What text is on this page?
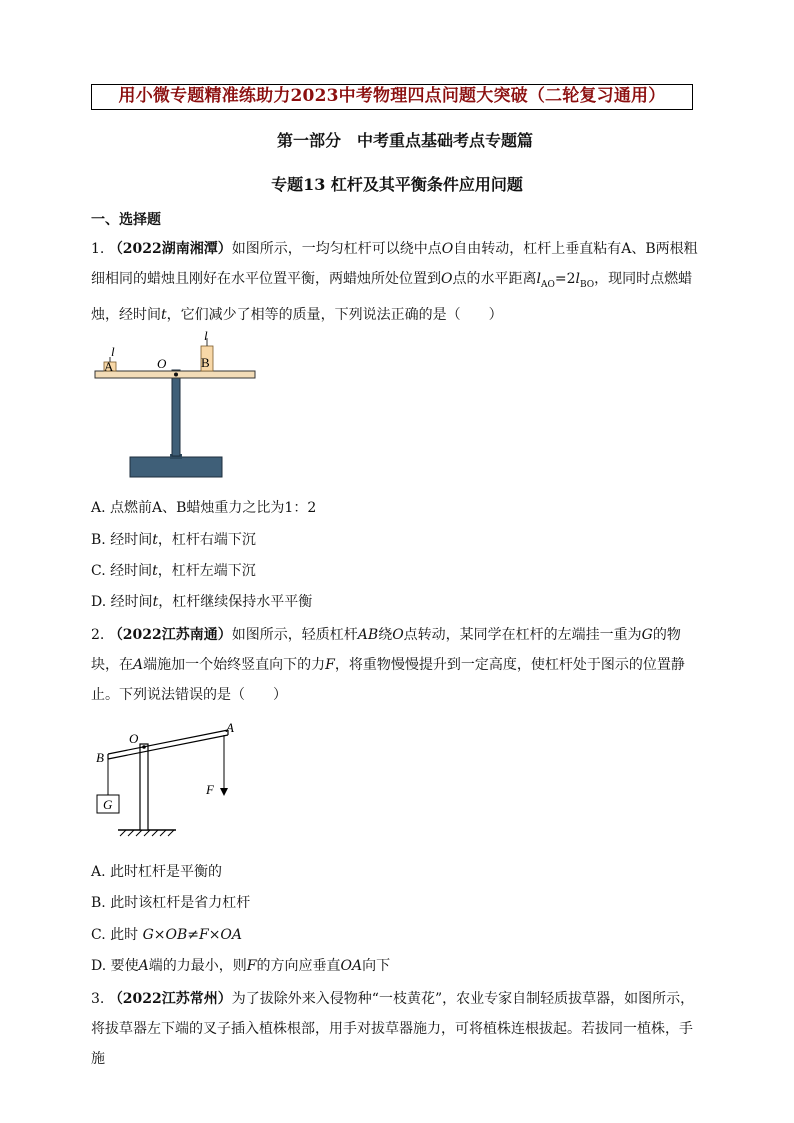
用小微专题精准练助力2023中考物理四点问题大突破（二轮复习通用）
第一部分　中考重点基础考点专题篇
专题13 杠杆及其平衡条件应用问题
一、选择题
1. （2022湖南湘潭）如图所示，一均匀杠杆可以绕中点O自由转动，杠杆上垂直粘有A、B两根粗细相同的蜡烛且刚好在水平位置平衡，两蜡烛所处位置到O点的水平距离$l_{AO}=2l_{BO}$，现同时点燃蜡烛，经时间t，它们减少了相等的质量，下列说法正确的是（　　）
A	B
O
l
l
A. 点燃前A、B蜡烛重力之比为1：2
B. 经时间t，杠杆右端下沉
C. 经时间t，杠杆左端下沉
D. 经时间t，杠杆继续保持水平平衡
2. （2022江苏南通）如图所示，轻质杠杆AB绕O点转动，某同学在杠杆的左端挂一重为G的物块，在A端施加一个始终竖直向下的力F，将重物慢慢提升到一定高度，使杠杆处于图示的位置静止。下列说法错误的是（　　）
O
B
A
F
G
A. 此时杠杆是平衡的
B. 此时该杠杆是省力杠杆
C. 此时 G×OB≠F×OA
D. 要使A端的力最小，则F的方向应垂直OA向下
3. （2022江苏常州）为了拔除外来入侵物种“一枝黄花”，农业专家自制轻质拔草器，如图所示，将拔草器左下端的叉子插入植株根部，用手对拔草器施力，可将植株连根拔起。若拔同一植株，手施
